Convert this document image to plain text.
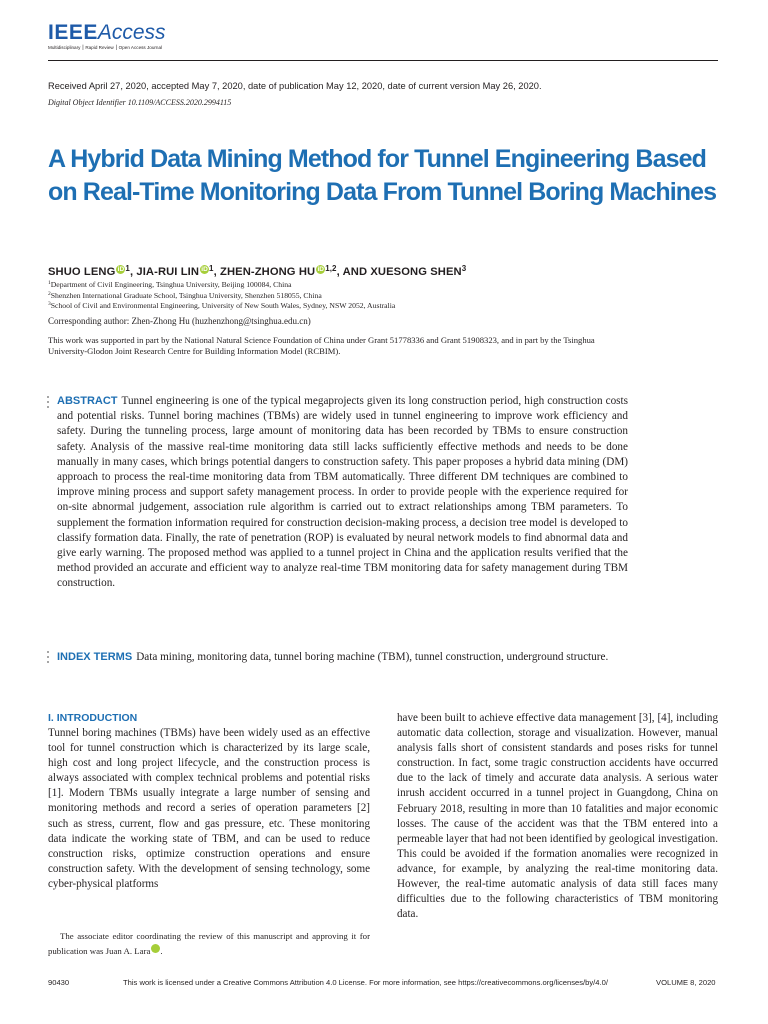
IEEEAccess
Multidisciplinary ⎮ Rapid Review ⎮ Open Access Journal
Received April 27, 2020, accepted May 7, 2020, date of publication May 12, 2020, date of current version May 26, 2020.
Digital Object Identifier 10.1109/ACCESS.2020.2994115
A Hybrid Data Mining Method for Tunnel Engineering Based on Real-Time Monitoring Data From Tunnel Boring Machines
SHUO LENG iD$^1$, JIA-RUI LIN iD$^1$, ZHEN-ZHONG HU iD$^{1,2}$, AND XUESONG SHEN$^3$
$^1$Department of Civil Engineering, Tsinghua University, Beijing 100084, China
$^2$Shenzhen International Graduate School, Tsinghua University, Shenzhen 518055, China
$^3$School of Civil and Environmental Engineering, University of New South Wales, Sydney, NSW 2052, Australia
Corresponding author: Zhen-Zhong Hu (huzhenzhong@tsinghua.edu.cn)
This work was supported in part by the National Natural Science Foundation of China under Grant 51778336 and Grant 51908323, and in part by the Tsinghua University-Glodon Joint Research Centre for Building Information Model (RCBIM).

ABSTRACT Tunnel engineering is one of the typical megaprojects given its long construction period, high construction costs and potential risks. Tunnel boring machines (TBMs) are widely used in tunnel engineering to improve work efficiency and safety. During the tunneling process, large amount of monitoring data has been recorded by TBMs to ensure construction safety. Analysis of the massive real-time monitoring data still lacks sufficiently effective methods and needs to be done manually in many cases, which brings potential dangers to construction safety. This paper proposes a hybrid data mining (DM) approach to process the real-time monitoring data from TBM automatically. Three different DM techniques are combined to improve mining process and support safety management process. In order to provide people with the experience required for on-site abnormal judgement, association rule algorithm is carried out to extract relationships among TBM parameters. To supplement the formation information required for construction decision-making process, a decision tree model is developed to classify formation data. Finally, the rate of penetration (ROP) is evaluated by neural network models to find abnormal data and give early warning. The proposed method was applied to a tunnel project in China and the application results verified that the method provided an accurate and efficient way to analyze real-time TBM monitoring data for safety management during TBM construction.

INDEX TERMS Data mining, monitoring data, tunnel boring machine (TBM), tunnel construction, underground structure.

I. INTRODUCTION

Tunnel boring machines (TBMs) have been widely used as an effective tool for tunnel construction which is characterized by its large scale, high cost and long project lifecycle, and the construction process is always associated with complex technical problems and potential risks [1]. Modern TBMs usually integrate a large number of sensing and monitoring methods and record a series of operation parameters [2] such as stress, current, flow and gas pressure, etc. These monitoring data indicate the working state of TBM, and can be used to reduce construction risks, optimize construction operations and ensure construction safety. With the development of sensing technology, some cyber-physical platforms

have been built to achieve effective data management [3], [4], including automatic data collection, storage and visualization. However, manual analysis falls short of consistent standards and poses risks for tunnel construction. In fact, some tragic construction accidents have occurred due to the lack of timely and accurate data analysis. A serious water inrush accident occurred in a tunnel project in Guangdong, China on February 2018, resulting in more than 10 fatalities and major economic losses. The cause of the accident was that the TBM entered into a permeable layer that had not been identified by geological investigation. This could be avoided if the formation anomalies were recognized in advance, for example, by analyzing the real-time monitoring data. However, the real-time automatic analysis of data still faces many difficulties due to the following characteristics of TBM monitoring data.

The associate editor coordinating the review of this manuscript and approving it for publication was Juan A. Lara iD.

90430	This work is licensed under a Creative Commons Attribution 4.0 License. For more information, see https://creativecommons.org/licenses/by/4.0/	VOLUME 8, 2020
